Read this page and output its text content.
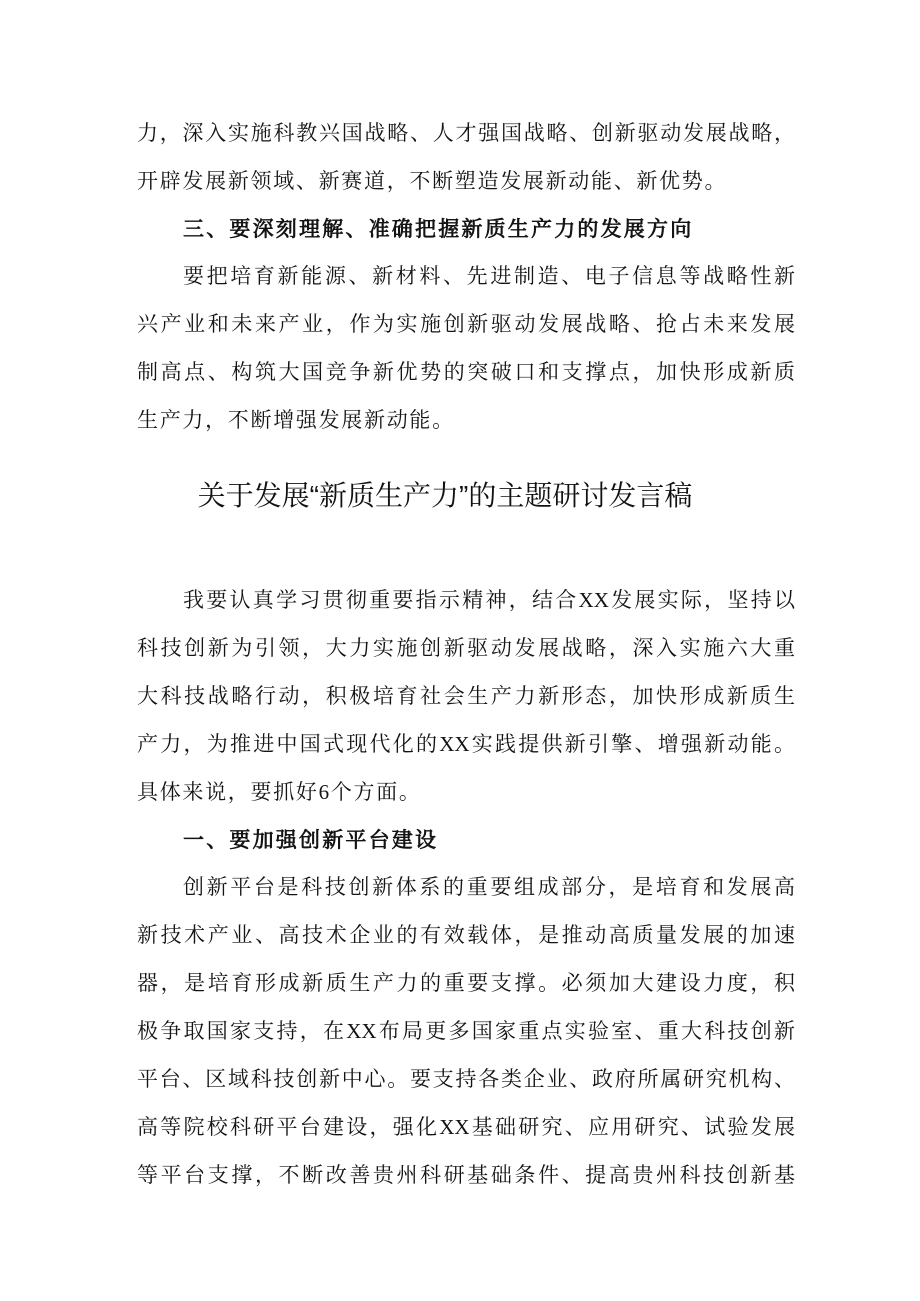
力，深入实施科教兴国战略、人才强国战略、创新驱动发展战略，
开辟发展新领域、新赛道，不断塑造发展新动能、新优势。
三、要深刻理解、准确把握新质生产力的发展方向
要把培育新能源、新材料、先进制造、电子信息等战略性新
兴产业和未来产业，作为实施创新驱动发展战略、抢占未来发展
制高点、构筑大国竞争新优势的突破口和支撑点，加快形成新质
生产力，不断增强发展新动能。
关于发展“新质生产力”的主题研讨发言稿
我要认真学习贯彻重要指示精神，结合XX发展实际，坚持以
科技创新为引领，大力实施创新驱动发展战略，深入实施六大重
大科技战略行动，积极培育社会生产力新形态，加快形成新质生
产力，为推进中国式现代化的XX实践提供新引擎、增强新动能。
具体来说，要抓好6个方面。
一、要加强创新平台建设
创新平台是科技创新体系的重要组成部分，是培育和发展高
新技术产业、高技术企业的有效载体，是推动高质量发展的加速
器，是培育形成新质生产力的重要支撑。必须加大建设力度，积
极争取国家支持，在XX布局更多国家重点实验室、重大科技创新
平台、区域科技创新中心。要支持各类企业、政府所属研究机构、
高等院校科研平台建设，强化XX基础研究、应用研究、试验发展
等平台支撑，不断改善贵州科研基础条件、提高贵州科技创新基
